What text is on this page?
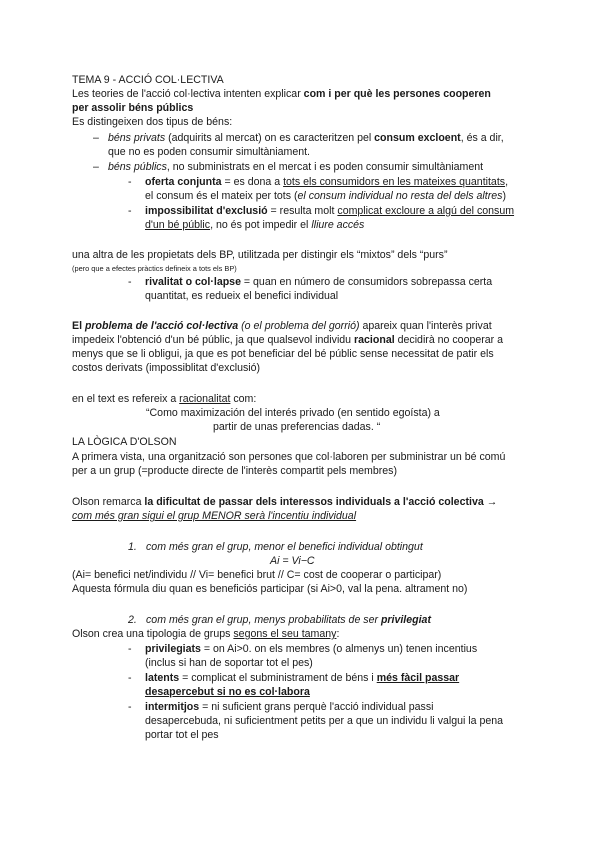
TEMA 9 - ACCIÓ COL·LECTIVA
Les teories de l'acció col·lectiva intenten explicar com i per què les persones cooperen
per assolir béns públics
Es distingeixen dos tipus de béns:
– béns privats (adquirits al mercat) on es caracteritzen pel consum excloent, és a dir,
que no es poden consumir simultàniament.
– béns públics, no subministrats en el mercat i es poden consumir simultàniament
- oferta conjunta = es dona a tots els consumidors en les mateixes quantitats,
el consum és el mateix per tots (el consum individual no resta del dels altres)
- impossibilitat d'exclusió = resulta molt complicat excloure a algú del consum
d'un bé públic, no és pot impedir el lliure accés
una altra de les propietats dels BP, utilitzada per distingir els “mixtos” dels “purs”
(pero que a efectes pràctics defineix a tots els BP)
- rivalitat o col·lapse = quan en número de consumidors sobrepassa certa
quantitat, es redueix el benefici individual
El problema de l'acció col·lectiva (o el problema del gorrió) apareix quan l'interès privat
impedeix l'obtenció d'un bé públic, ja que qualsevol individu racional decidirà no cooperar a
menys que se li obligui, ja que es pot beneficiar del bé públic sense necessitat de patir els
costos derivats (impossiblitat d'exclusió)
en el text es refereix a racionalitat com:
“Como maximización del interés privado (en sentido egoísta) a
partir de unas preferencias dadas. “
LA LÒGICA D'OLSON
A primera vista, una organització son persones que col·laboren per subministrar un bé comú
per a un grup (=producte directe de l'interès compartit pels membres)
Olson remarca la dificultat de passar dels interessos individuals a l'acció colectiva →
com més gran sigui el grup MENOR serà l'incentiu individual
1. com més gran el grup, menor el benefici individual obtingut
Ai = Vi−C
(Ai= benefici net/individu // Vi= benefici brut // C= cost de cooperar o participar)
Aquesta fórmula diu quan es beneficiós participar (si Ai>0, val la pena. altrament no)
2. com més gran el grup, menys probabilitats de ser privilegiat
Olson crea una tipologia de grups segons el seu tamany:
- privilegiats = on Ai>0. on els membres (o almenys un) tenen incentius
(inclus si han de soportar tot el pes)
- latents = complicat el subministrament de béns i més fàcil passar
desapercebut si no es col·labora
- intermitjos = ni suficient grans perquè l'acció individual passi
desapercebuda, ni suficientment petits per a que un individu li valgui la pena
portar tot el pes
